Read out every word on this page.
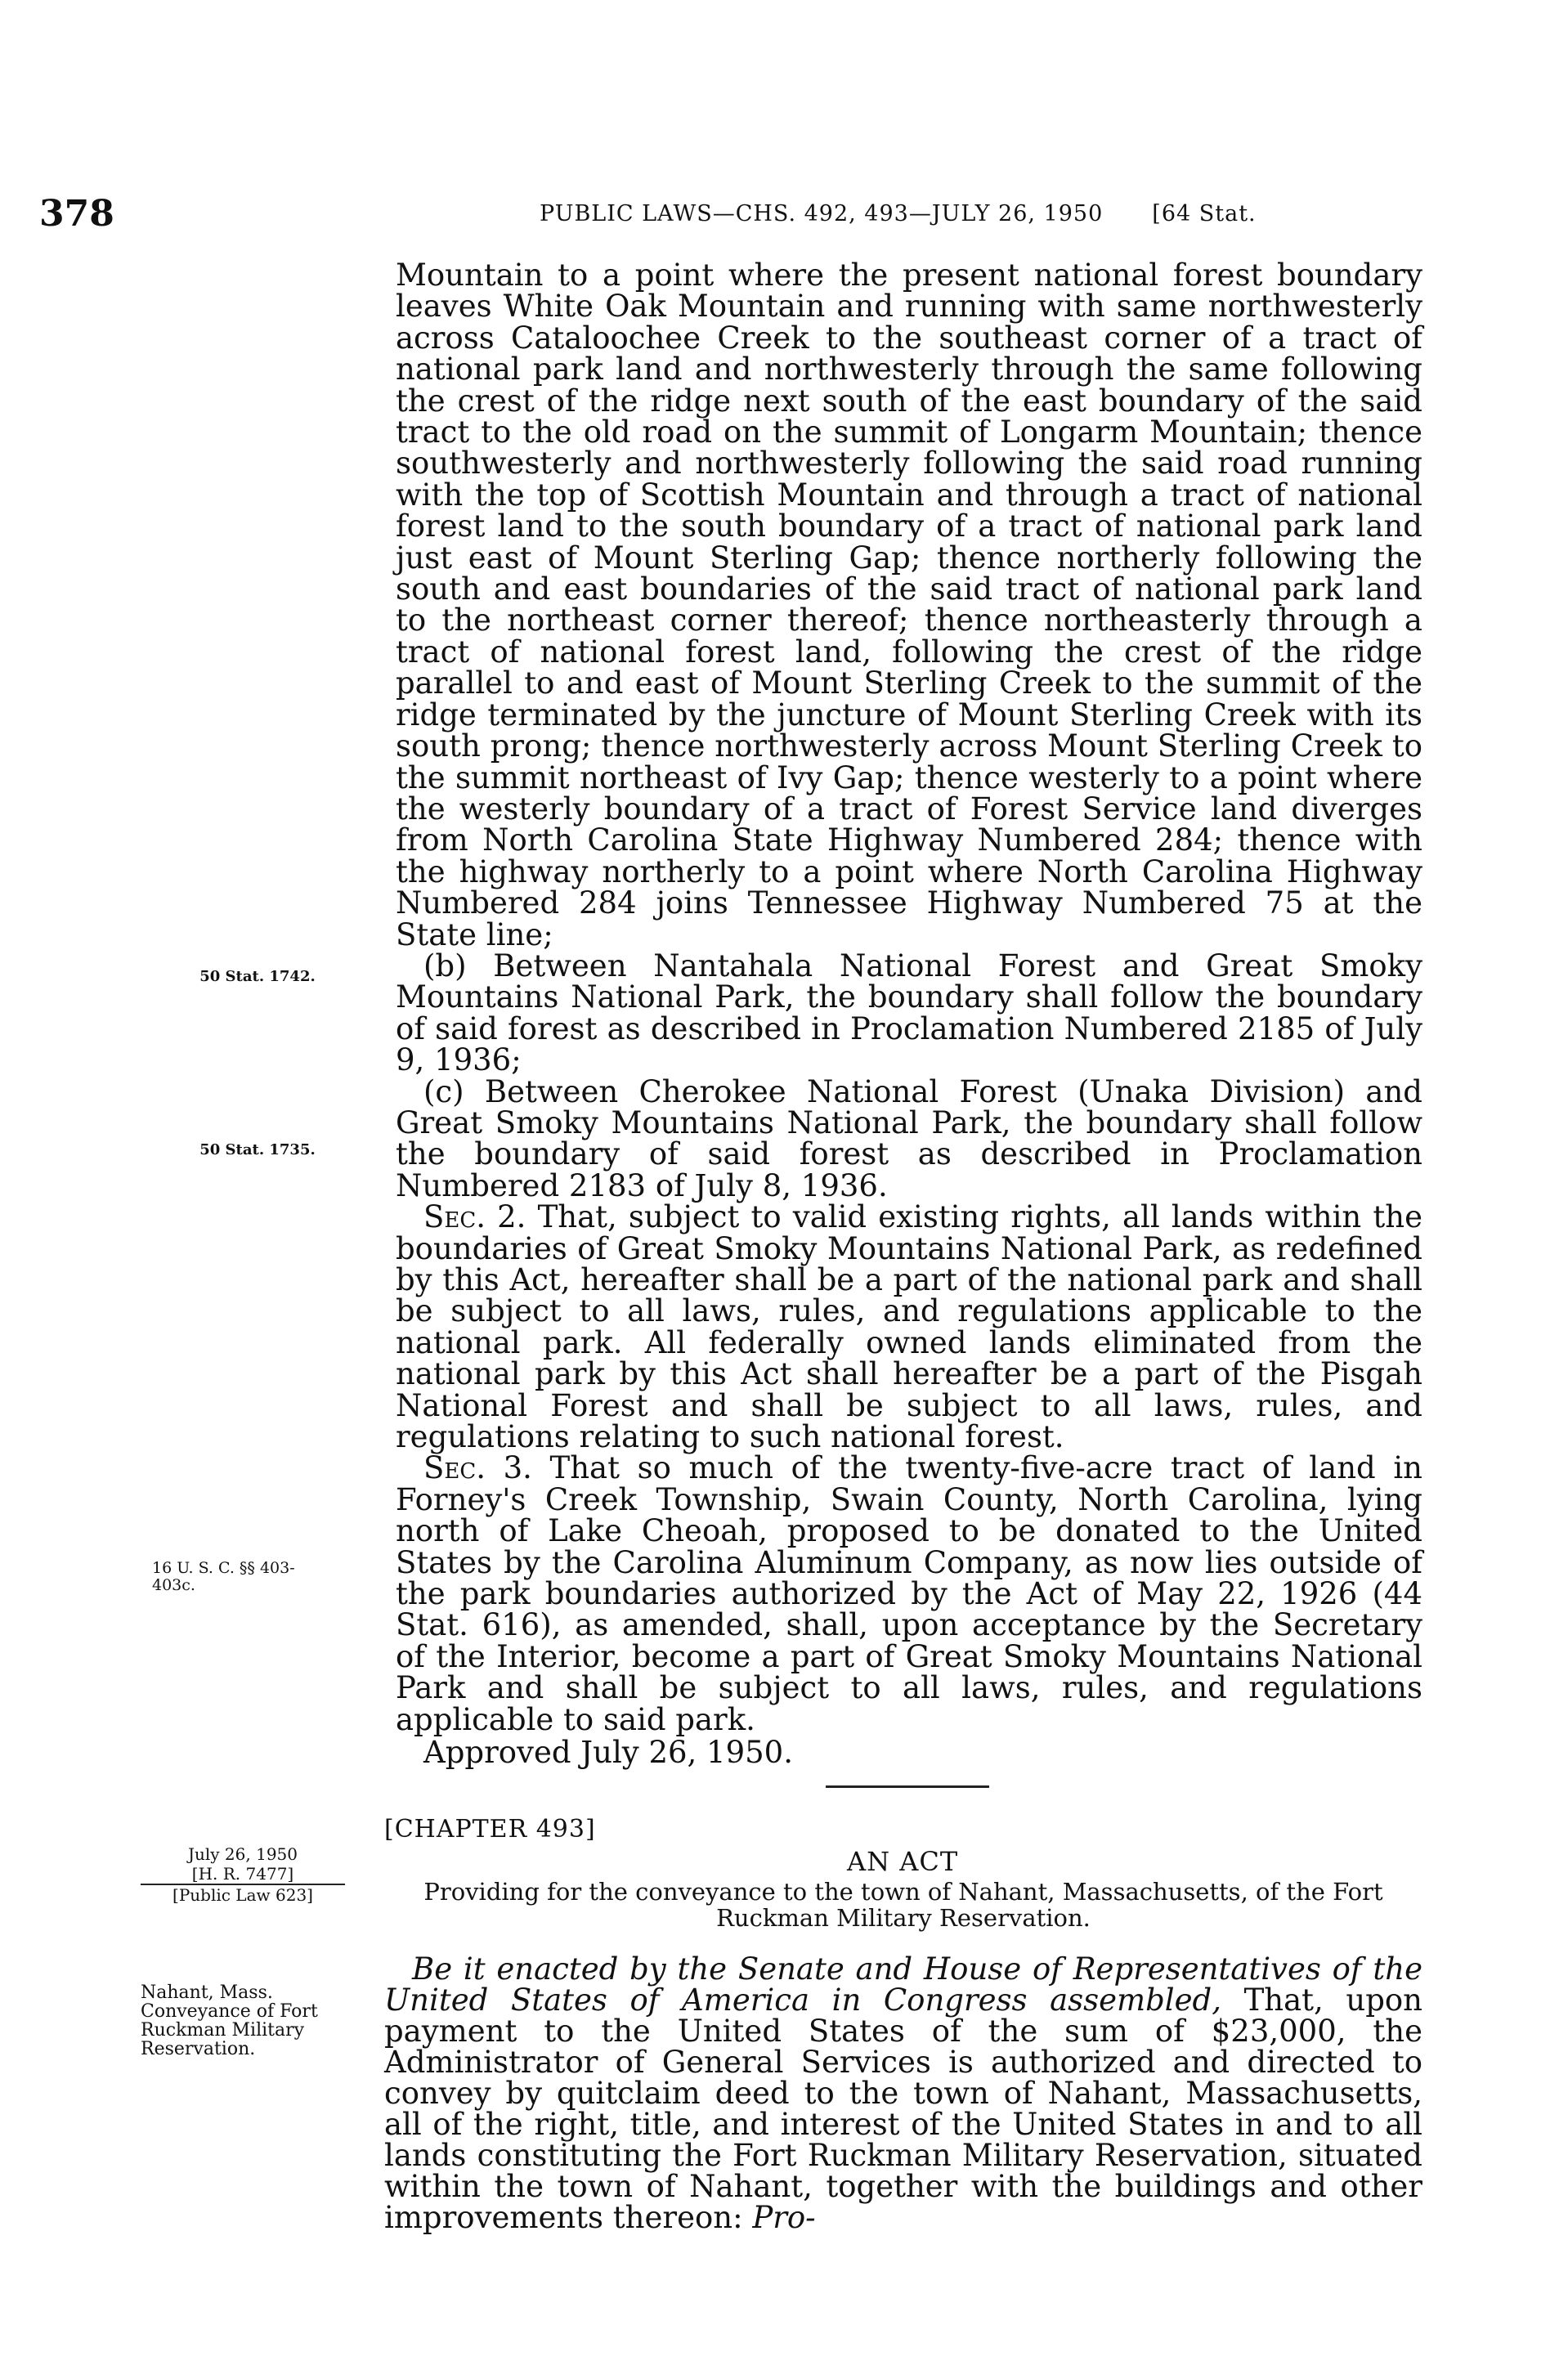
378	PUBLIC LAWS—CHS. 492, 493—JULY 26, 1950 [64 Stat.

Mountain to a point where the present national forest boundary leaves White Oak Mountain and running with same northwesterly across Cataloochee Creek to the southeast corner of a tract of national park land and northwesterly through the same following the crest of the ridge next south of the east boundary of the said tract to the old road on the summit of Longarm Mountain; thence southwesterly and northwesterly following the said road running with the top of Scottish Mountain and through a tract of national forest land to the south boundary of a tract of national park land just east of Mount Sterling Gap; thence northerly following the south and east boundaries of the said tract of national park land to the northeast corner thereof; thence northeasterly through a tract of national forest land, following the crest of the ridge parallel to and east of Mount Sterling Creek to the summit of the ridge terminated by the juncture of Mount Sterling Creek with its south prong; thence northwesterly across Mount Sterling Creek to the summit northeast of Ivy Gap; thence westerly to a point where the westerly boundary of a tract of Forest Service land diverges from North Carolina State Highway Numbered 284; thence with the highway northerly to a point where North Carolina Highway Numbered 284 joins Tennessee Highway Numbered 75 at the State line;

(b) Between Nantahala National Forest and Great Smoky Mountains National Park, the boundary shall follow the boundary of said forest as described in Proclamation Numbered 2185 of July 9, 1936;

(c) Between Cherokee National Forest (Unaka Division) and Great Smoky Mountains National Park, the boundary shall follow the boundary of said forest as described in Proclamation Numbered 2183 of July 8, 1936.

Sec. 2. That, subject to valid existing rights, all lands within the boundaries of Great Smoky Mountains National Park, as redefined by this Act, hereafter shall be a part of the national park and shall be subject to all laws, rules, and regulations applicable to the national park. All federally owned lands eliminated from the national park by this Act shall hereafter be a part of the Pisgah National Forest and shall be subject to all laws, rules, and regulations relating to such national forest.

Sec. 3. That so much of the twenty-five-acre tract of land in Forney's Creek Township, Swain County, North Carolina, lying north of Lake Cheoah, proposed to be donated to the United States by the Carolina Aluminum Company, as now lies outside of the park boundaries authorized by the Act of May 22, 1926 (44 Stat. 616), as amended, shall, upon acceptance by the Secretary of the Interior, become a part of Great Smoky Mountains National Park and shall be subject to all laws, rules, and regulations applicable to said park.

Approved July 26, 1950.

50 Stat. 1742.
50 Stat. 1735.
16 U. S. C. §§ 403-
403c.
[CHAPTER 493]
AN ACT
Providing for the conveyance to the town of Nahant, Massachusetts, of the Fort Ruckman Military Reservation.
July 26, 1950
[H. R. 7477]
[Public Law 623]
Nahant, Mass.
Conveyance of Fort
Ruckman Military
Reservation.

Be it enacted by the Senate and House of Representatives of the United States of America in Congress assembled, That, upon payment to the United States of the sum of $23,000, the Administrator of General Services is authorized and directed to convey by quitclaim deed to the town of Nahant, Massachusetts, all of the right, title, and interest of the United States in and to all lands constituting the Fort Ruckman Military Reservation, situated within the town of Nahant, together with the buildings and other improvements thereon: Pro-
